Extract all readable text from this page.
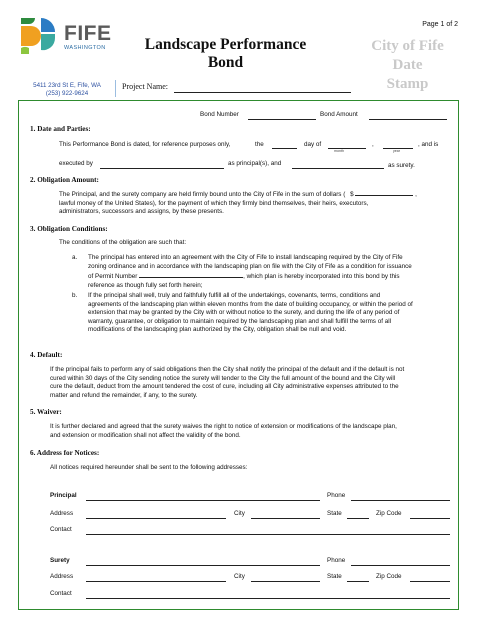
Page 1 of 2
FIFE
WASHINGTON	Landscape Performance
Bond
City of Fife
Date
Stamp
5411 23rd St E, Fife, WA
(253) 922-9624
Project Name:
Bond Number	Bond Amount
1. Date and Parties:
This Performance Bond is dated, for reference purposes only,	the	day of
month
,
year
, and is
executed by	as principal(s), and	as surety.
2. Obligation Amount:
The Principal, and the surety company are held firmly bound unto the City of Fife in the sum of dollars ( $	,
lawful money of the United States), for the payment of which they firmly bind themselves, their heirs, executors,
administrators, successors and assigns, by these presents.
3. Obligation Conditions:
The conditions of the obligation are such that:
a. The principal has entered into an agreement with the City of Fife to install landscaping required by the City of Fife
zoning ordinance and in accordance with the landscaping plan on file with the City of Fife as a condition for issuance
of Permit Number	, which plan is hereby incorporated into this bond by this
reference as though fully set forth herein;
b. If the principal shall well, truly and faithfully fulfill all of the undertakings, covenants, terms, conditions and
agreements of the landscaping plan within eleven months from the date of building occupancy, or within the period of
extension that may be granted by the City with or without notice to the surety, and during the life of any period of
warranty, guarantee, or obligation to maintain required by the landscaping plan and shall fulfill the terms of all
modifications of the landscaping plan authorized by the City, obligation shall be null and void.
4. Default:
If the principal fails to perform any of said obligations then the City shall notify the principal of the default and if the default is not
cured within 30 days of the City sending notice the surety will tender to the City the full amount of the bound and the City will
cure the default, deduct from the amount tendered the cost of cure, including all City administrative expenses attributed to the
matter and refund the remainder, if any, to the surety.
5. Waiver:
It is further declared and agreed that the surety waives the right to notice of extension or modifications of the landscape plan,
and extension or modification shall not affect the validity of the bond.
6. Address for Notices:
All notices required hereunder shall be sent to the following addresses:
Principal	Phone
Address	City	State	Zip Code
Contact
Surety	Phone
Address	City	State	Zip Code
Contact
